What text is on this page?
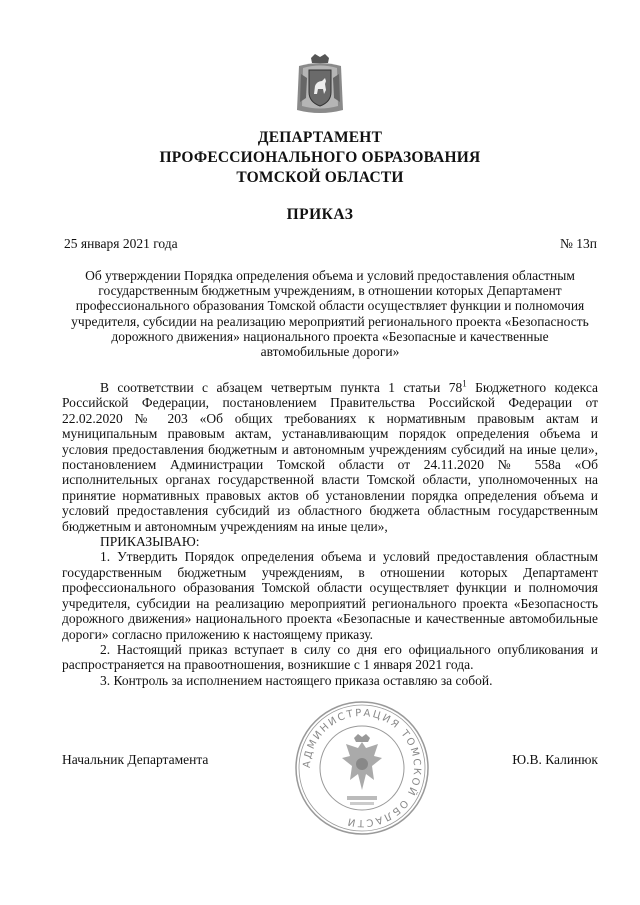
ДЕПАРТАМЕНТ
ПРОФЕССИОНАЛЬНОГО ОБРАЗОВАНИЯ
ТОМСКОЙ ОБЛАСТИ
ПРИКАЗ
25 января 2021 года	№ 13п
Об утверждении Порядка определения объема и условий предоставления областным государственным бюджетным учреждениям, в отношении которых Департамент профессионального образования Томской области осуществляет функции и полномочия учредителя, субсидии на реализацию мероприятий регионального проекта «Безопасность дорожного движения» национального проекта «Безопасные и качественные автомобильные дороги»

В соответствии с абзацем четвертым пункта 1 статьи $78^1$ Бюджетного кодекса Российской Федерации, постановлением Правительства Российской Федерации от 22.02.2020 № 203 «Об общих требованиях к нормативным правовым актам и муниципальным правовым актам, устанавливающим порядок определения объема и условия предоставления бюджетным и автономным учреждениям субсидий на иные цели», постановлением Администрации Томской области от 24.11.2020 № 558а «Об исполнительных органах государственной власти Томской области, уполномоченных на принятие нормативных правовых актов об установлении порядка определения объема и условий предоставления субсидий из областного бюджета областным государственным бюджетным и автономным учреждениям на иные цели»,

ПРИКАЗЫВАЮ:

1. Утвердить Порядок определения объема и условий предоставления областным государственным бюджетным учреждениям, в отношении которых Департамент профессионального образования Томской области осуществляет функции и полномочия учредителя, субсидии на реализацию мероприятий регионального проекта «Безопасность дорожного движения» национального проекта «Безопасные и качественные автомобильные дороги» согласно приложению к настоящему приказу.

2. Настоящий приказ вступает в силу со дня его официального опубликования и распространяется на правоотношения, возникшие с 1 января 2021 года.

3. Контроль за исполнением настоящего приказа оставляю за собой.

АДМИНИСТРАЦИЯ ТОМСКОЙ ОБЛАСТИ
Начальник Департамента	Ю.В. Калинюк
